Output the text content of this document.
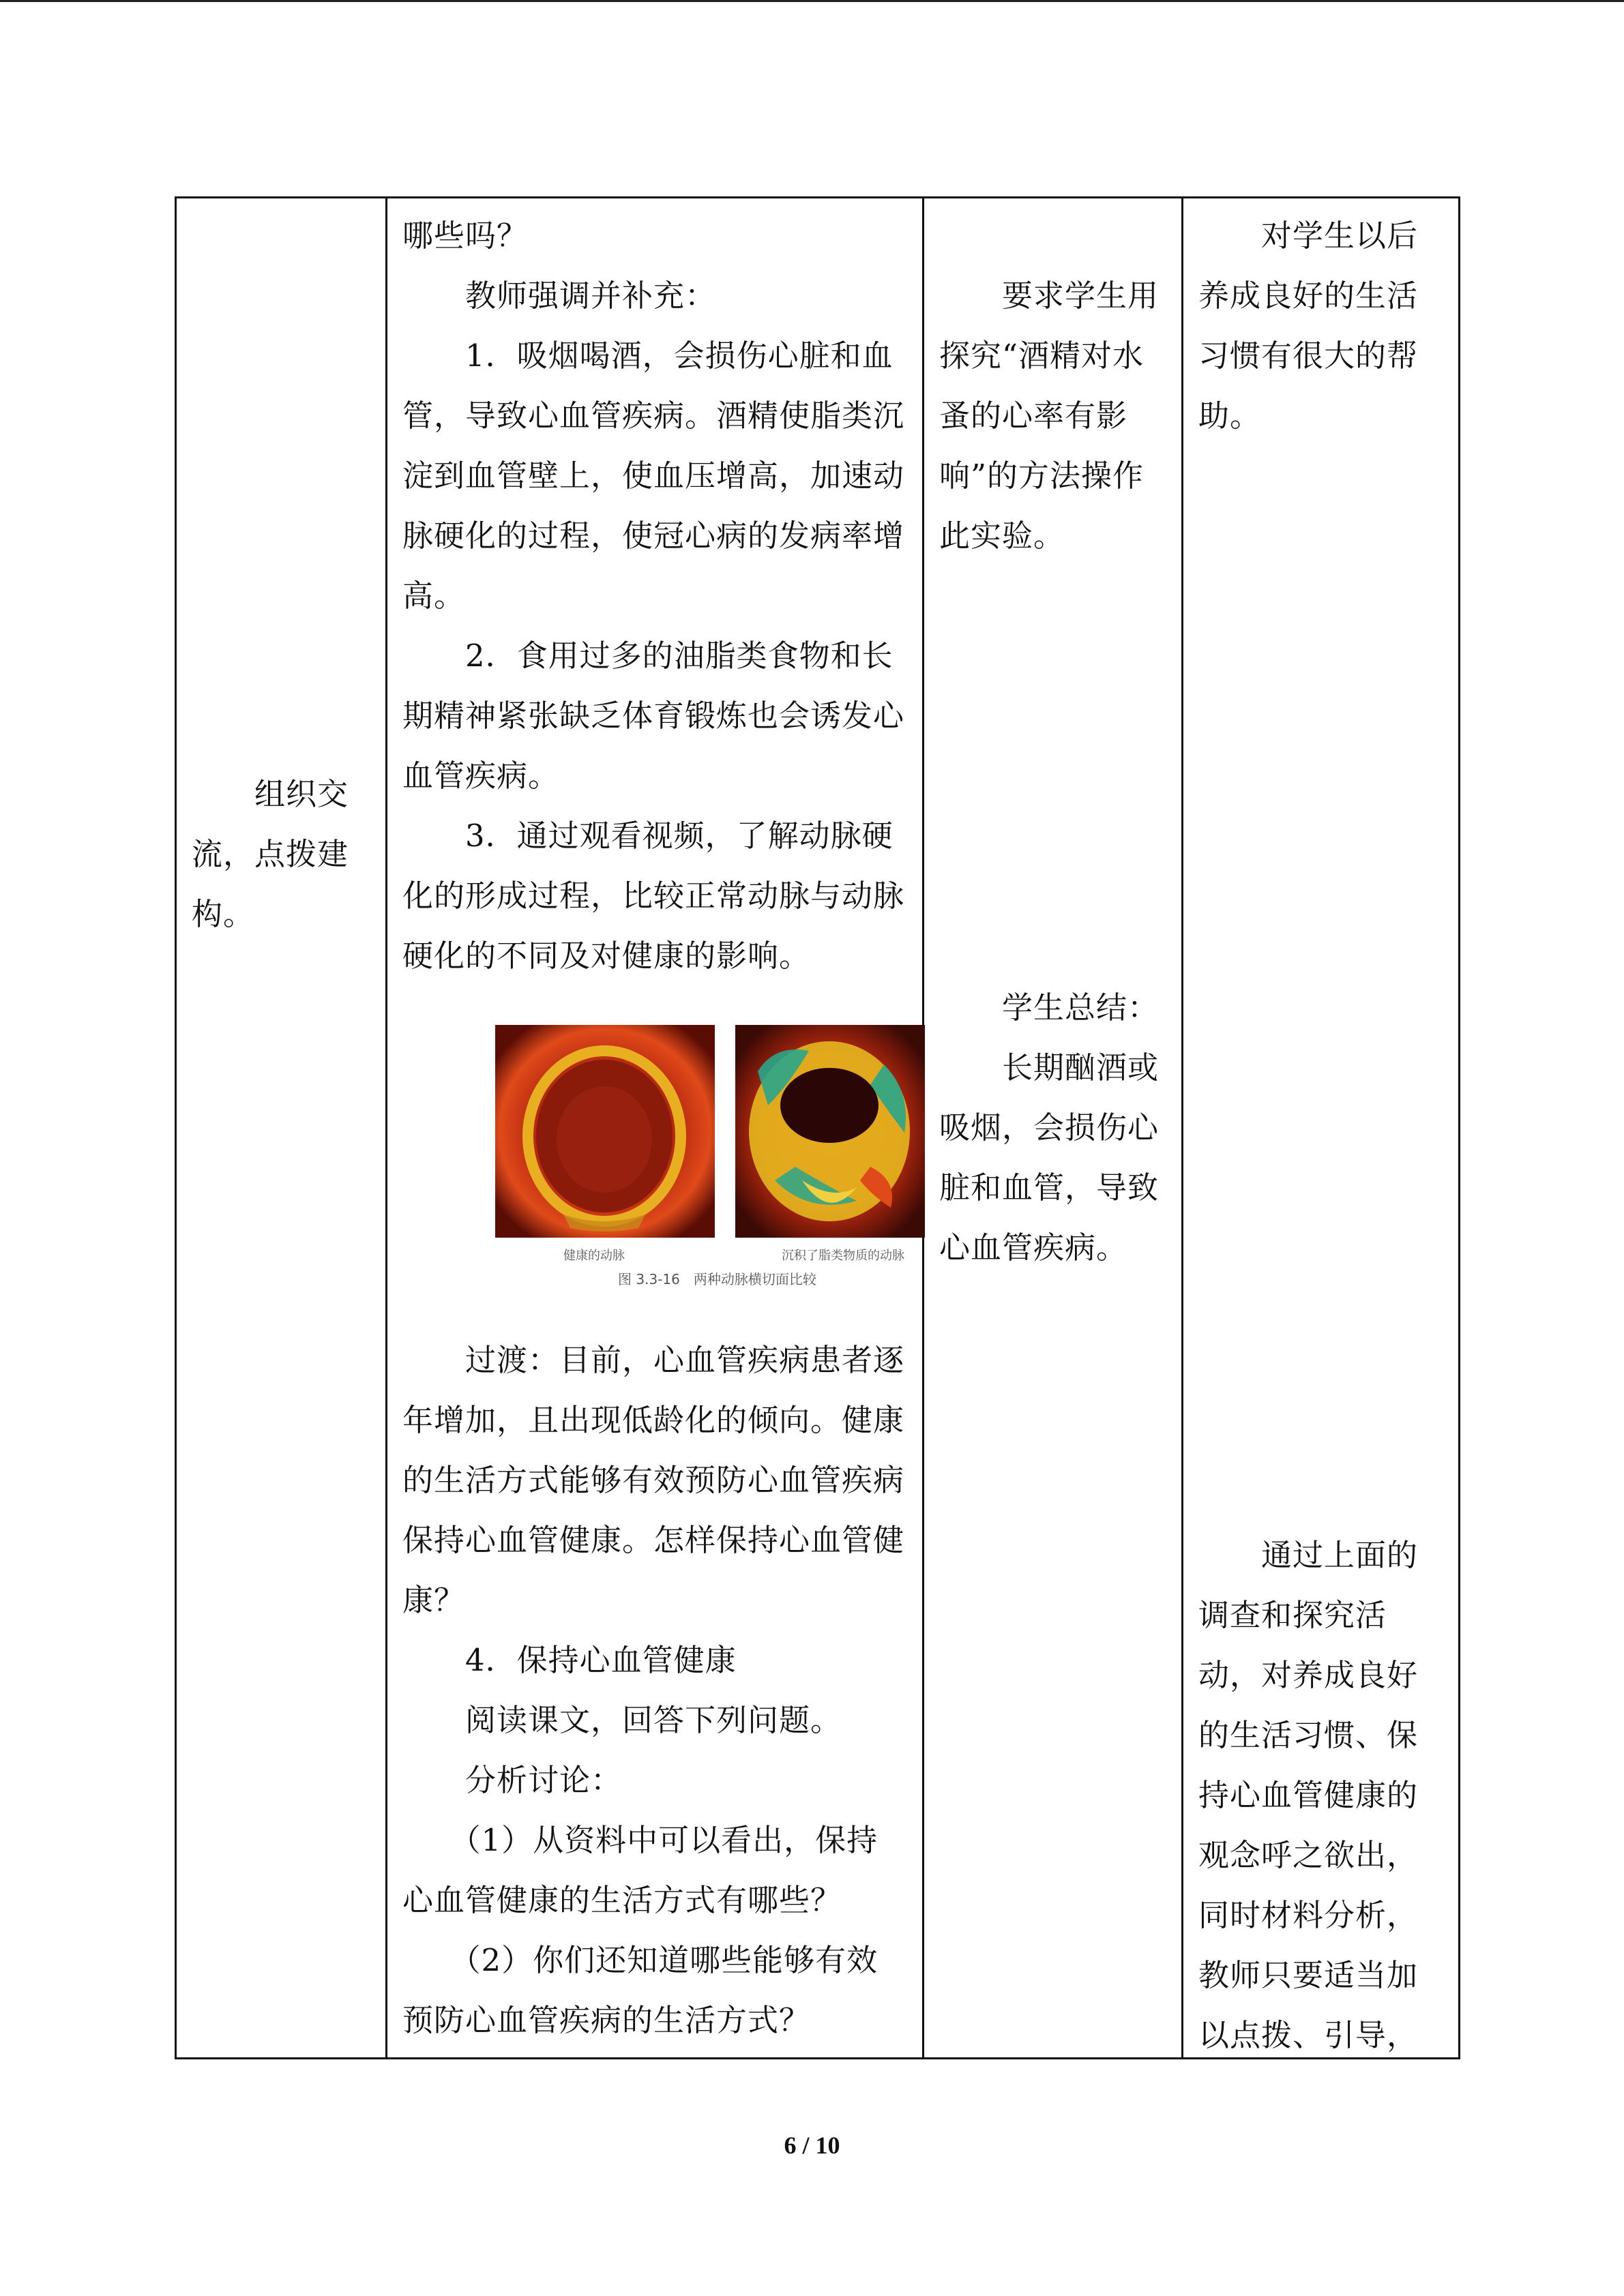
　　组织交流，点拨建构。

哪些吗？
　　教师强调并补充：
　　1．吸烟喝酒，会损伤心脏和血管，导致心血管疾病。酒精使脂类沉淀到血管壁上，使血压增高，加速动脉硬化的过程，使冠心病的发病率增高。
　　2．食用过多的油脂类食物和长期精神紧张缺乏体育锻炼也会诱发心血管疾病。
　　3．通过观看视频，了解动脉硬化的形成过程，比较正常动脉与动脉硬化的不同及对健康的影响。

健康的动脉	沉积了脂类物质的动脉
图 3.3-16　两种动脉横切面比较

　　过渡：目前，心血管疾病患者逐年增加，且出现低龄化的倾向。健康的生活方式能够有效预防心血管疾病保持心血管健康。怎样保持心血管健康？
　　4．保持心血管健康
　　阅读课文，回答下列问题。
　　分析讨论：
　　（1）从资料中可以看出，保持心血管健康的生活方式有哪些？
　　（2）你们还知道哪些能够有效预防心血管疾病的生活方式？

　　要求学生用探究“酒精对水蚤的心率有影响”的方法操作此实验。

　　学生总结：
　　长期酗酒或吸烟，会损伤心脏和血管，导致心血管疾病。

　　对学生以后养成良好的生活习惯有很大的帮助。

　　通过上面的调查和探究活动，对养成良好的生活习惯、保持心血管健康的观念呼之欲出，同时材料分析，教师只要适当加以点拨、引导，

6 / 10
